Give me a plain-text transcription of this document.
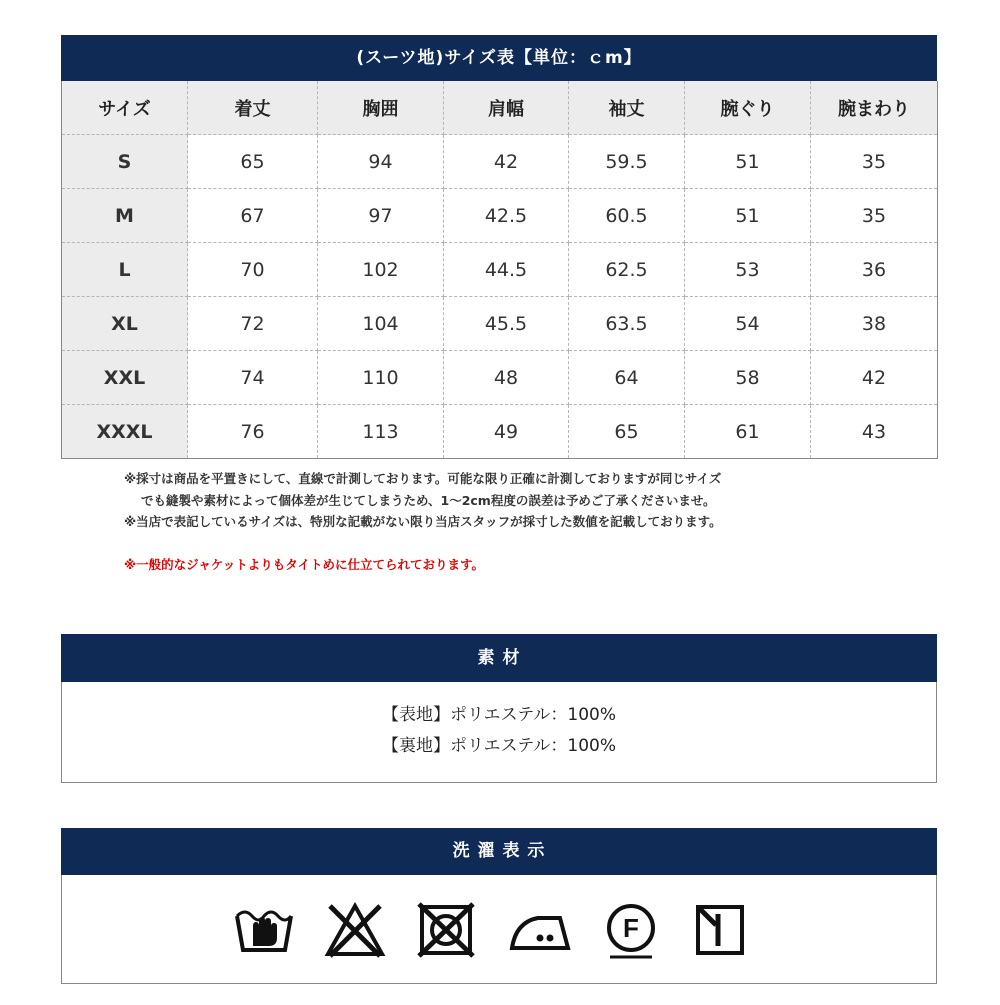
(スーツ地)サイズ表【単位：ｃm】
サイズ	着丈	胸囲	肩幅	袖丈	腕ぐり	腕まわり
S	65	94	42	59.5	51	35
M	67	97	42.5	60.5	51	35
L	70	102	44.5	62.5	53	36
XL	72	104	45.5	63.5	54	38
XXL	74	110	48	64	58	42
XXXL	76	113	49	65	61	43
※採寸は商品を平置きにして、直線で計測しております。可能な限り正確に計測しておりますが同じサイズ
でも縫製や素材によって個体差が生じてしまうため、1～2cm程度の誤差は予めご了承くださいませ。
※当店で表記しているサイズは、特別な記載がない限り当店スタッフが採寸した数値を記載しております。
※一般的なジャケットよりもタイトめに仕立てられております。
素 材
【表地】ポリエステル：100%
【裏地】ポリエステル：100%
洗 濯 表 示
F
